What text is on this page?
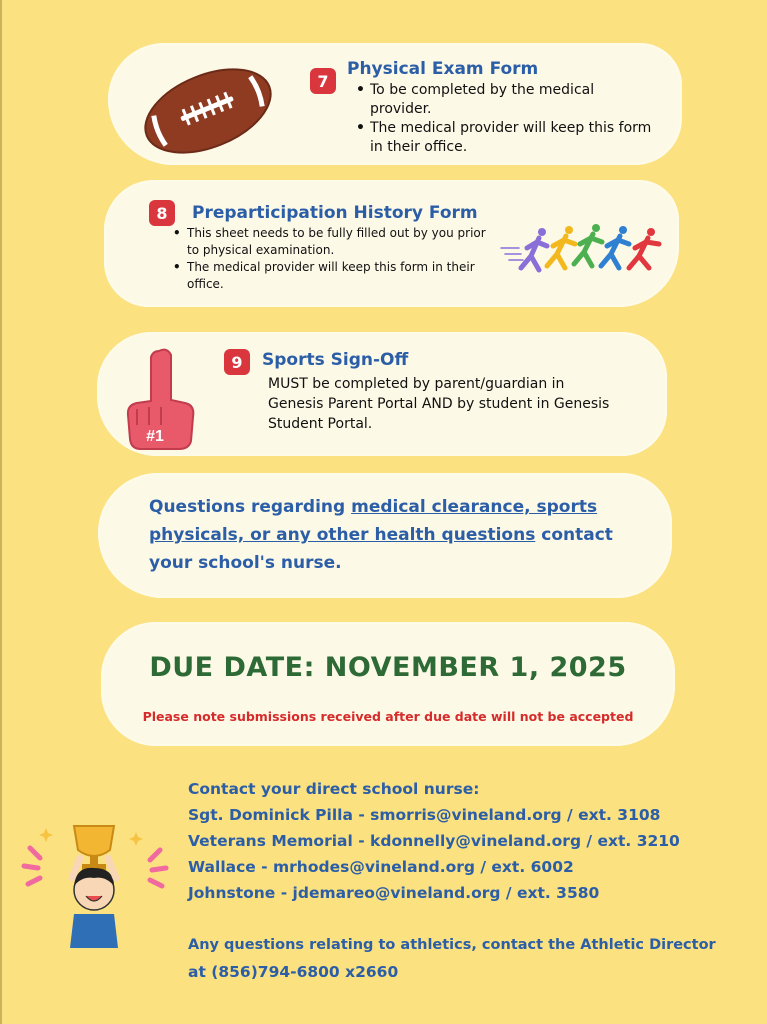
7
Physical Exam Form
• To be completed by the medical provider.
• The medical provider will keep this form in their office.
8	Preparticipation History Form
• This sheet needs to be fully filled out by you prior to physical examination.
• The medical provider will keep this form in their office.
#1
9	Sports Sign-Off
MUST be completed by parent/guardian in Genesis Parent Portal AND by student in Genesis Student Portal.
Questions regarding medical clearance, sports physicals, or any other health questions contact your school's nurse.
DUE DATE: NOVEMBER 1, 2025
Please note submissions received after due date will not be accepted
Contact your direct school nurse:
Sgt. Dominick Pilla - smorris@vineland.org / ext. 3108
Veterans Memorial - kdonnelly@vineland.org / ext. 3210
Wallace - mrhodes@vineland.org / ext. 6002
Johnstone - jdemareo@vineland.org / ext. 3580
Any questions relating to athletics, contact the Athletic Director
at (856)794-6800 x2660
